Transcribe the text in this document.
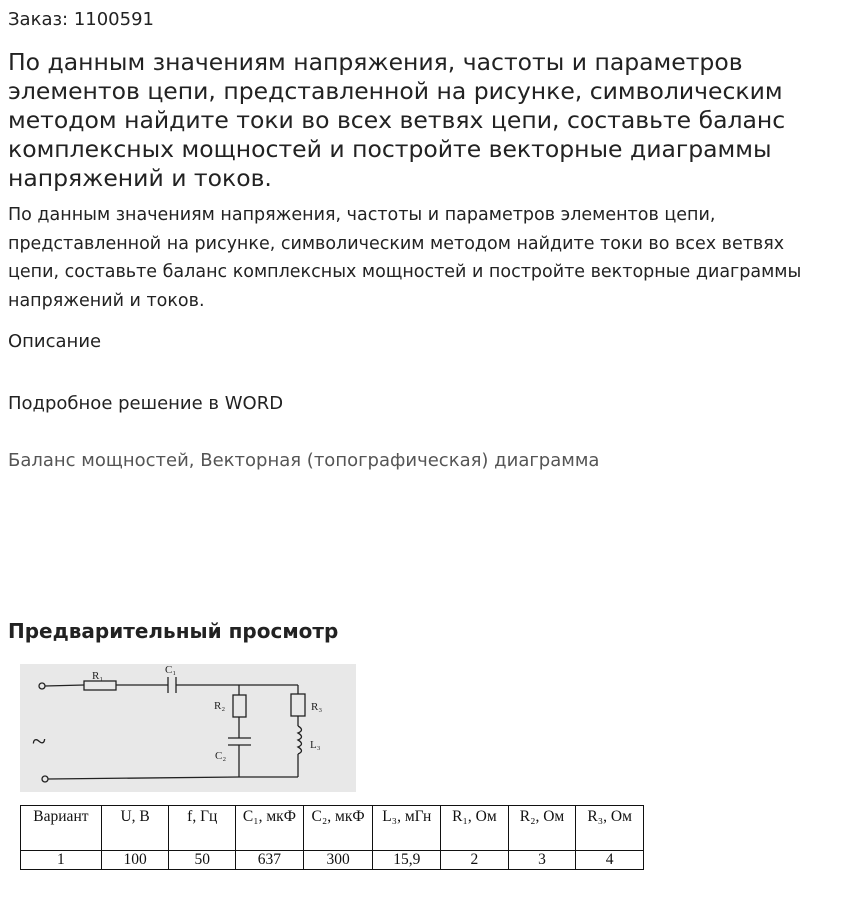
Заказ: 1100591
По данным значениям напряжения, частоты и параметров элементов цепи, представленной на рисунке, символическим методом найдите токи во всех ветвях цепи, составьте баланс комплексных мощностей и постройте векторные диаграммы напряжений и токов.

По данным значениям напряжения, частоты и параметров элементов цепи, представленной на рисунке, символическим методом найдите токи во всех ветвях цепи, составьте баланс комплексных мощностей и постройте векторные диаграммы напряжений и токов.

Описание
Подробное решение в WORD
Баланс мощностей, Векторная (топографическая) диаграмма
Предварительный просмотр
R₁	C₁
R₂	R₃
C₂
L₃
~
Вариант	U, В	f, Гц	C₁, мкФ	C₂, мкФ	L₃, мГн	R₁, Ом	R₂, Ом	R₃, Ом
1	100	50	637	300	15,9	2	3	4
